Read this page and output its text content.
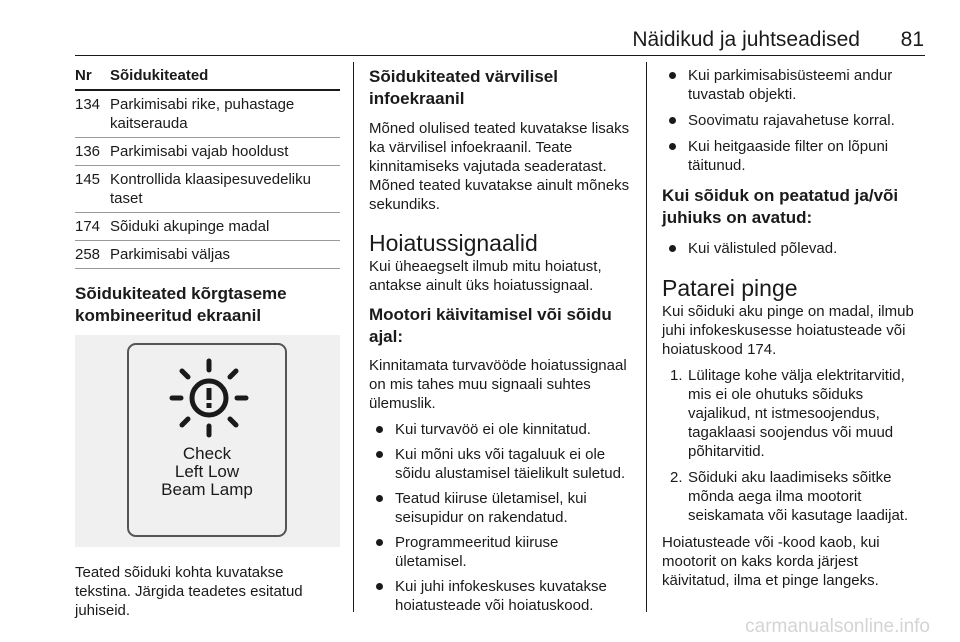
Näidikud ja juhtseadised	81
Nr	Sõidukiteated
134	Parkimisabi rike, puhastage kaitserauda
136	Parkimisabi vajab hooldust
145	Kontrollida klaasipesuvedeliku taset
174	Sõiduki akupinge madal
258	Parkimisabi väljas
Sõidukiteated kõrgtaseme kombineeritud ekraanil
Check
Left Low
Beam Lamp

Teated sõiduki kohta kuvatakse tekstina. Järgida teadetes esitatud juhiseid.

Sõidukiteated värvilisel infoekraanil

Mõned olulised teated kuvatakse lisaks ka värvilisel infoekraanil. Teate kinnitamiseks vajutada seaderatast. Mõned teated kuvatakse ainult mõneks sekundiks.

Hoiatussignaalid

Kui üheaegselt ilmub mitu hoiatust, antakse ainult üks hoiatussignaal.

Mootori käivitamisel või sõidu ajal:

Kinnitamata turvavööde hoiatussignaal on mis tahes muu signaali suhtes ülemuslik.

Kui turvavöö ei ole kinnitatud.
Kui mõni uks või tagaluuk ei ole sõidu alustamisel täielikult suletud.
Teatud kiiruse ületamisel, kui seisupidur on rakendatud.
Programmeeritud kiiruse ületamisel.
Kui juhi infokeskuses kuvatakse hoiatusteade või hoiatuskood.
Kui parkimisabisüsteemi andur tuvastab objekti.
Soovimatu rajavahetuse korral.
Kui heitgaaside filter on lõpuni täitunud.
Kui sõiduk on peatatud ja/või juhiuks on avatud:
Kui välistuled põlevad.
Patarei pinge

Kui sõiduki aku pinge on madal, ilmub juhi infokeskusesse hoiatusteade või hoiatuskood 174.

1. Lülitage kohe välja elektritarvitid, mis ei ole ohutuks sõiduks vajalikud, nt istmesoojendus, tagaklaasi soojendus või muud põhitarvitid.
2. Sõiduki aku laadimiseks sõitke mõnda aega ilma mootorit seiskamata või kasutage laadijat.

Hoiatusteade või -kood kaob, kui mootorit on kaks korda järjest käivitatud, ilma et pinge langeks.

carmanualsonline.info
